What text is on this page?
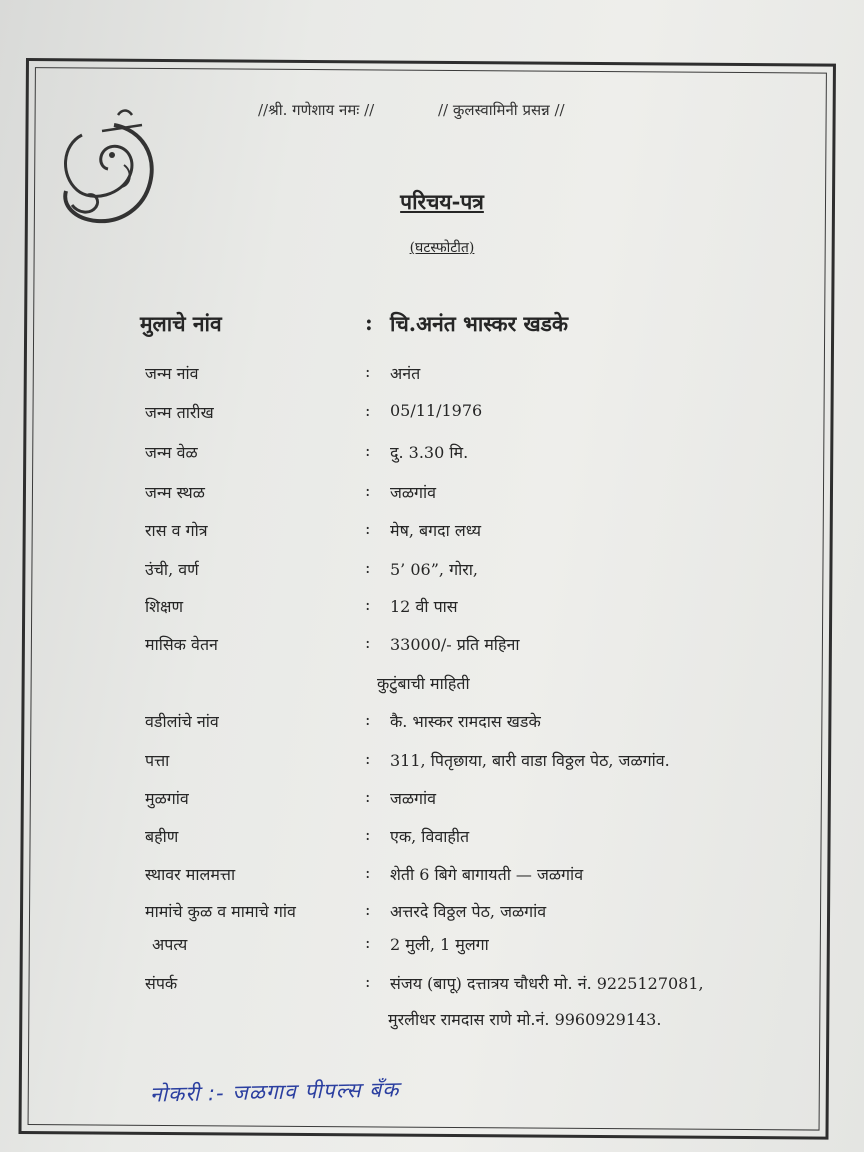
//श्री. गणेशाय नमः //	// कुलस्वामिनी प्रसन्न //
परिचय-पत्र
(घटस्फोटीत)
मुलाचे नांव	: चि.अनंत भास्कर खडके
जन्म नांव	: अनंत
जन्म तारीख	: 05/11/1976
जन्म वेळ	: दु. 3.30 मि.
जन्म स्थळ	: जळगांव
रास व गोत्र	: मेष, बगदा लध्य
उंची, वर्ण	: 5’ 06”, गोरा,
शिक्षण	: 12 वी पास
मासिक वेतन	: 33000/- प्रति महिना
कुटुंबाची माहिती
वडीलांचे नांव	: कै. भास्कर रामदास खडके
पत्ता	: 311, पितृछाया, बारी वाडा विठ्ठल पेठ, जळगांव.
मुळगांव	: जळगांव
बहीण	: एक, विवाहीत
स्थावर मालमत्ता	: शेती 6 बिगे बागायती — जळगांव
मामांचे कुळ व मामाचे गांव	: अत्तरदे विठ्ठल पेठ, जळगांव
अपत्य	: 2 मुली, 1 मुलगा
संपर्क	: संजय (बापू) दत्तात्रय चौधरी मो. नं. 9225127081,
मुरलीधर रामदास राणे मो.नं. 9960929143.
नोकरी :- जळगाव पीपल्स बँक
